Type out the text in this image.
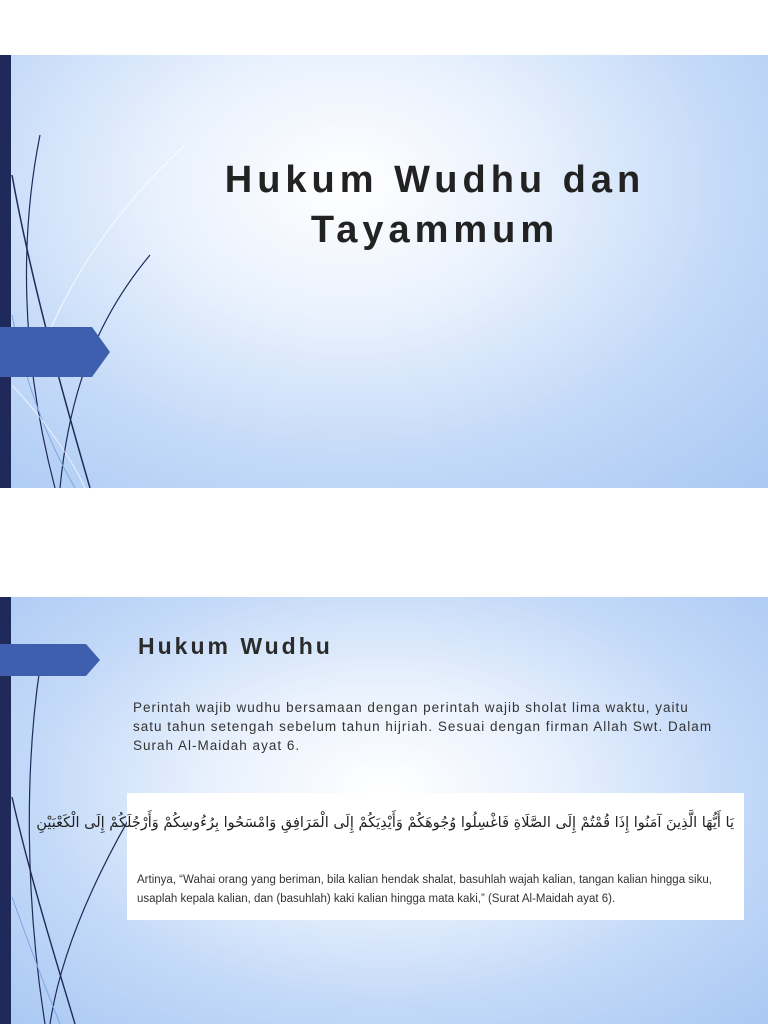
Hukum Wudhu dan
Tayammum
Hukum Wudhu
Perintah wajib wudhu bersamaan dengan perintah wajib sholat lima waktu, yaitu satu tahun setengah sebelum tahun hijriah. Sesuai dengan firman Allah Swt. Dalam Surah Al-Maidah ayat 6.
يَا أَيُّهَا الَّذِينَ آمَنُوا إِذَا قُمْتُمْ إِلَى الصَّلَاةِ فَاغْسِلُوا وُجُوهَكُمْ وَأَيْدِيَكُمْ إِلَى الْمَرَافِقِ وَامْسَحُوا بِرُءُوسِكُمْ وَأَرْجُلَكُمْ إِلَى الْكَعْبَيْنِ
Artinya, “Wahai orang yang beriman, bila kalian hendak shalat, basuhlah wajah kalian, tangan kalian hingga siku, usaplah kepala kalian, dan (basuhlah) kaki kalian hingga mata kaki,” (Surat Al-Maidah ayat 6).
